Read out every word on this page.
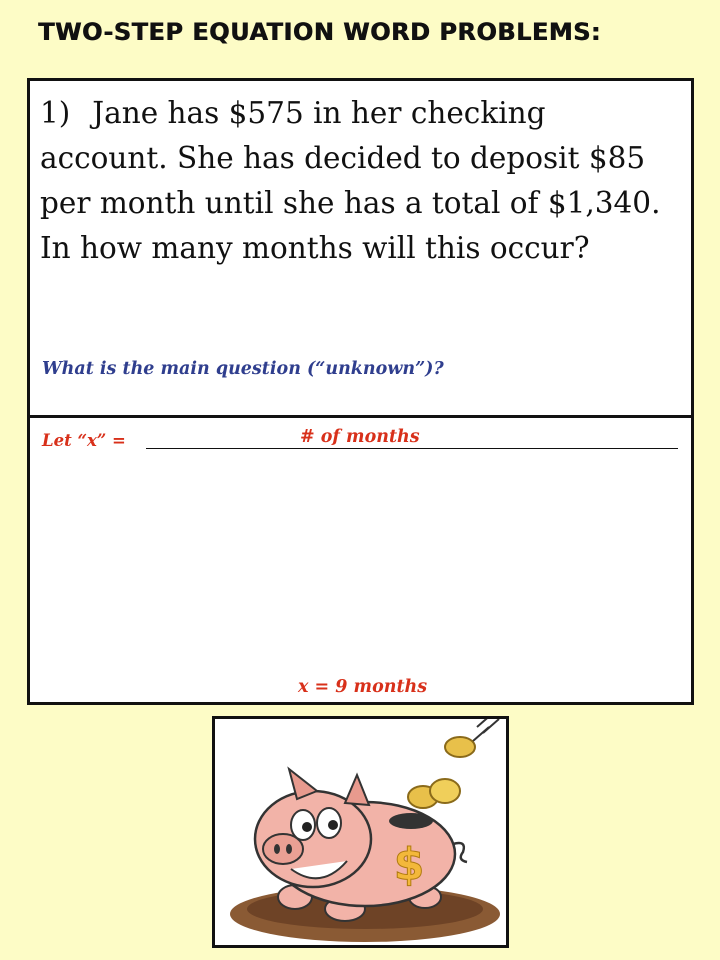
TWO-STEP EQUATION WORD PROBLEMS:
1) Jane has $575 in her checking account. She has decided to deposit $85 per month until she has a total of $1,340. In how many months will this occur?
What is the main question (“unknown”)?
Let “x” =	# of months
x = 9 months
$
